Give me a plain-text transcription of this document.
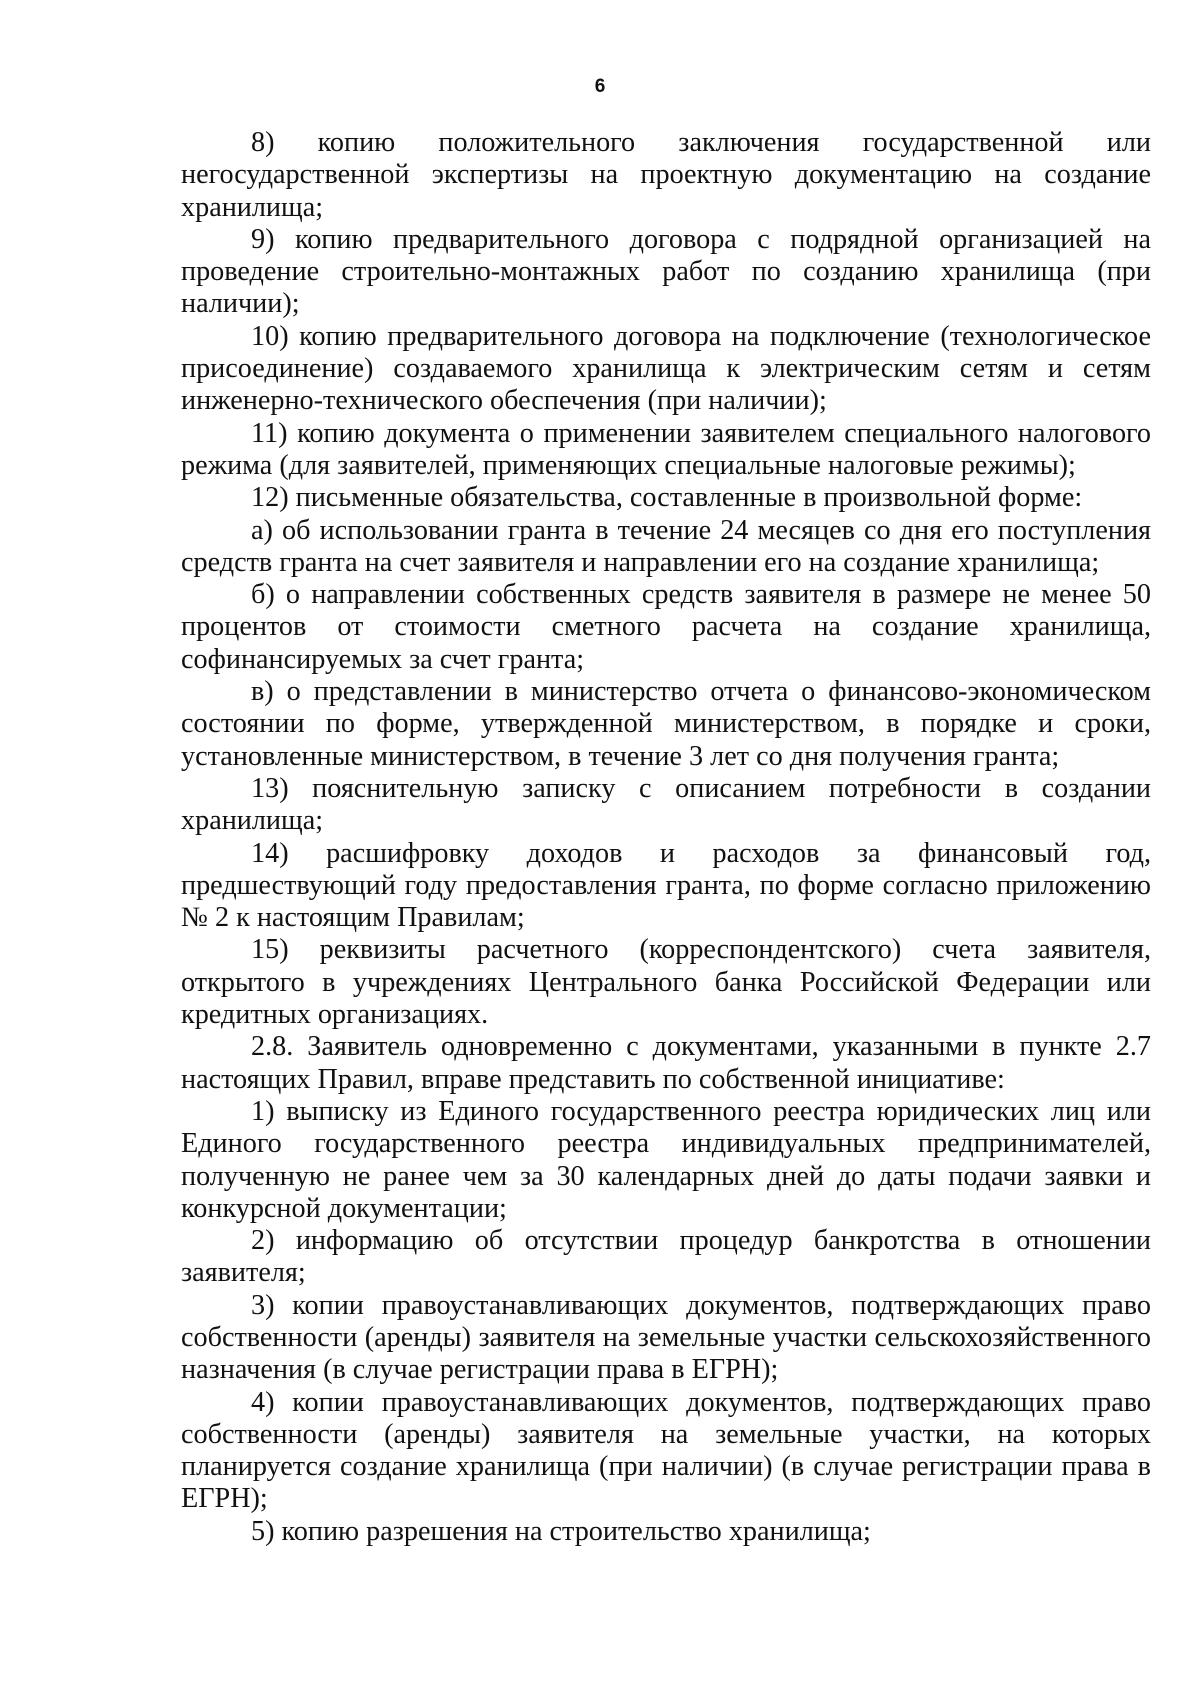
6

8) копию положительного заключения государственной или негосударственной экспертизы на проектную документацию на создание хранилища;

9) копию предварительного договора с подрядной организацией на проведение строительно-монтажных работ по созданию хранилища (при наличии);

10) копию предварительного договора на подключение (технологическое присоединение) создаваемого хранилища к электрическим сетям и сетям инженерно-технического обеспечения (при наличии);

11) копию документа о применении заявителем специального налогового режима (для заявителей, применяющих специальные налоговые режимы);

12) письменные обязательства, составленные в произвольной форме:

а) об использовании гранта в течение 24 месяцев со дня его поступления средств гранта на счет заявителя и направлении его на создание хранилища;

б) о направлении собственных средств заявителя в размере не менее 50 процентов от стоимости сметного расчета на создание хранилища, софинансируемых за счет гранта;

в) о представлении в министерство отчета о финансово-экономическом состоянии по форме, утвержденной министерством, в порядке и сроки, установленные министерством, в течение 3 лет со дня получения гранта;

13) пояснительную записку с описанием потребности в создании хранилища;

14) расшифровку доходов и расходов за финансовый год, предшествующий году предоставления гранта, по форме согласно приложению № 2 к настоящим Правилам;

15) реквизиты расчетного (корреспондентского) счета заявителя, открытого в учреждениях Центрального банка Российской Федерации или кредитных организациях.

2.8. Заявитель одновременно с документами, указанными в пункте 2.7 настоящих Правил, вправе представить по собственной инициативе:

1) выписку из Единого государственного реестра юридических лиц или Единого государственного реестра индивидуальных предпринимателей, полученную не ранее чем за 30 календарных дней до даты подачи заявки и конкурсной документации;

2) информацию об отсутствии процедур банкротства в отношении заявителя;

3) копии правоустанавливающих документов, подтверждающих право собственности (аренды) заявителя на земельные участки сельскохозяйственного назначения (в случае регистрации права в ЕГРН);

4) копии правоустанавливающих документов, подтверждающих право собственности (аренды) заявителя на земельные участки, на которых планируется создание хранилища (при наличии) (в случае регистрации права в ЕГРН);

5) копию разрешения на строительство хранилища;
